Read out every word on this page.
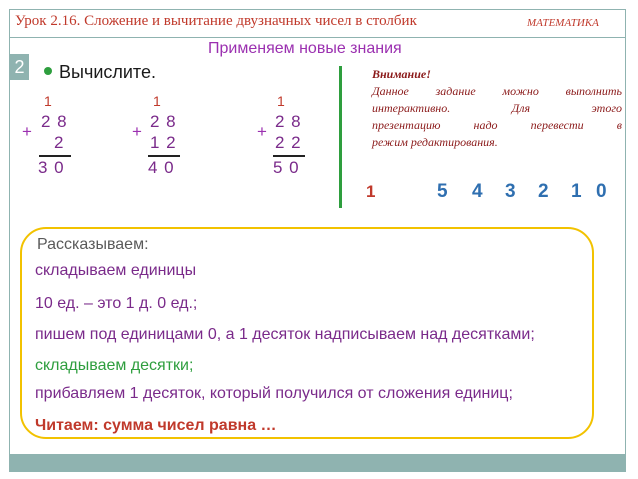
Урок 2.16. Сложение и вычитание двузначных чисел в столбик	МАТЕМАТИКА
Применяем новые знания
2	Вычислите.
1
+
2 8
2
3 0
1
+
2 8
1 2
4 0
1
+
2 8
2 2
5 0
Внимание!
Данное задание можно выполнить
интерактивно. Для этого
презентацию надо перевести в
режим редактирования.
1	5 4 3 2 1 0
Рассказываем:
складываем единицы
10 ед. – это 1 д. 0 ед.;
пишем под единицами 0, а 1 десяток надписываем над десятками;
складываем десятки;
прибавляем 1 десяток, который получился от сложения единиц;
Читаем: сумма чисел равна …
